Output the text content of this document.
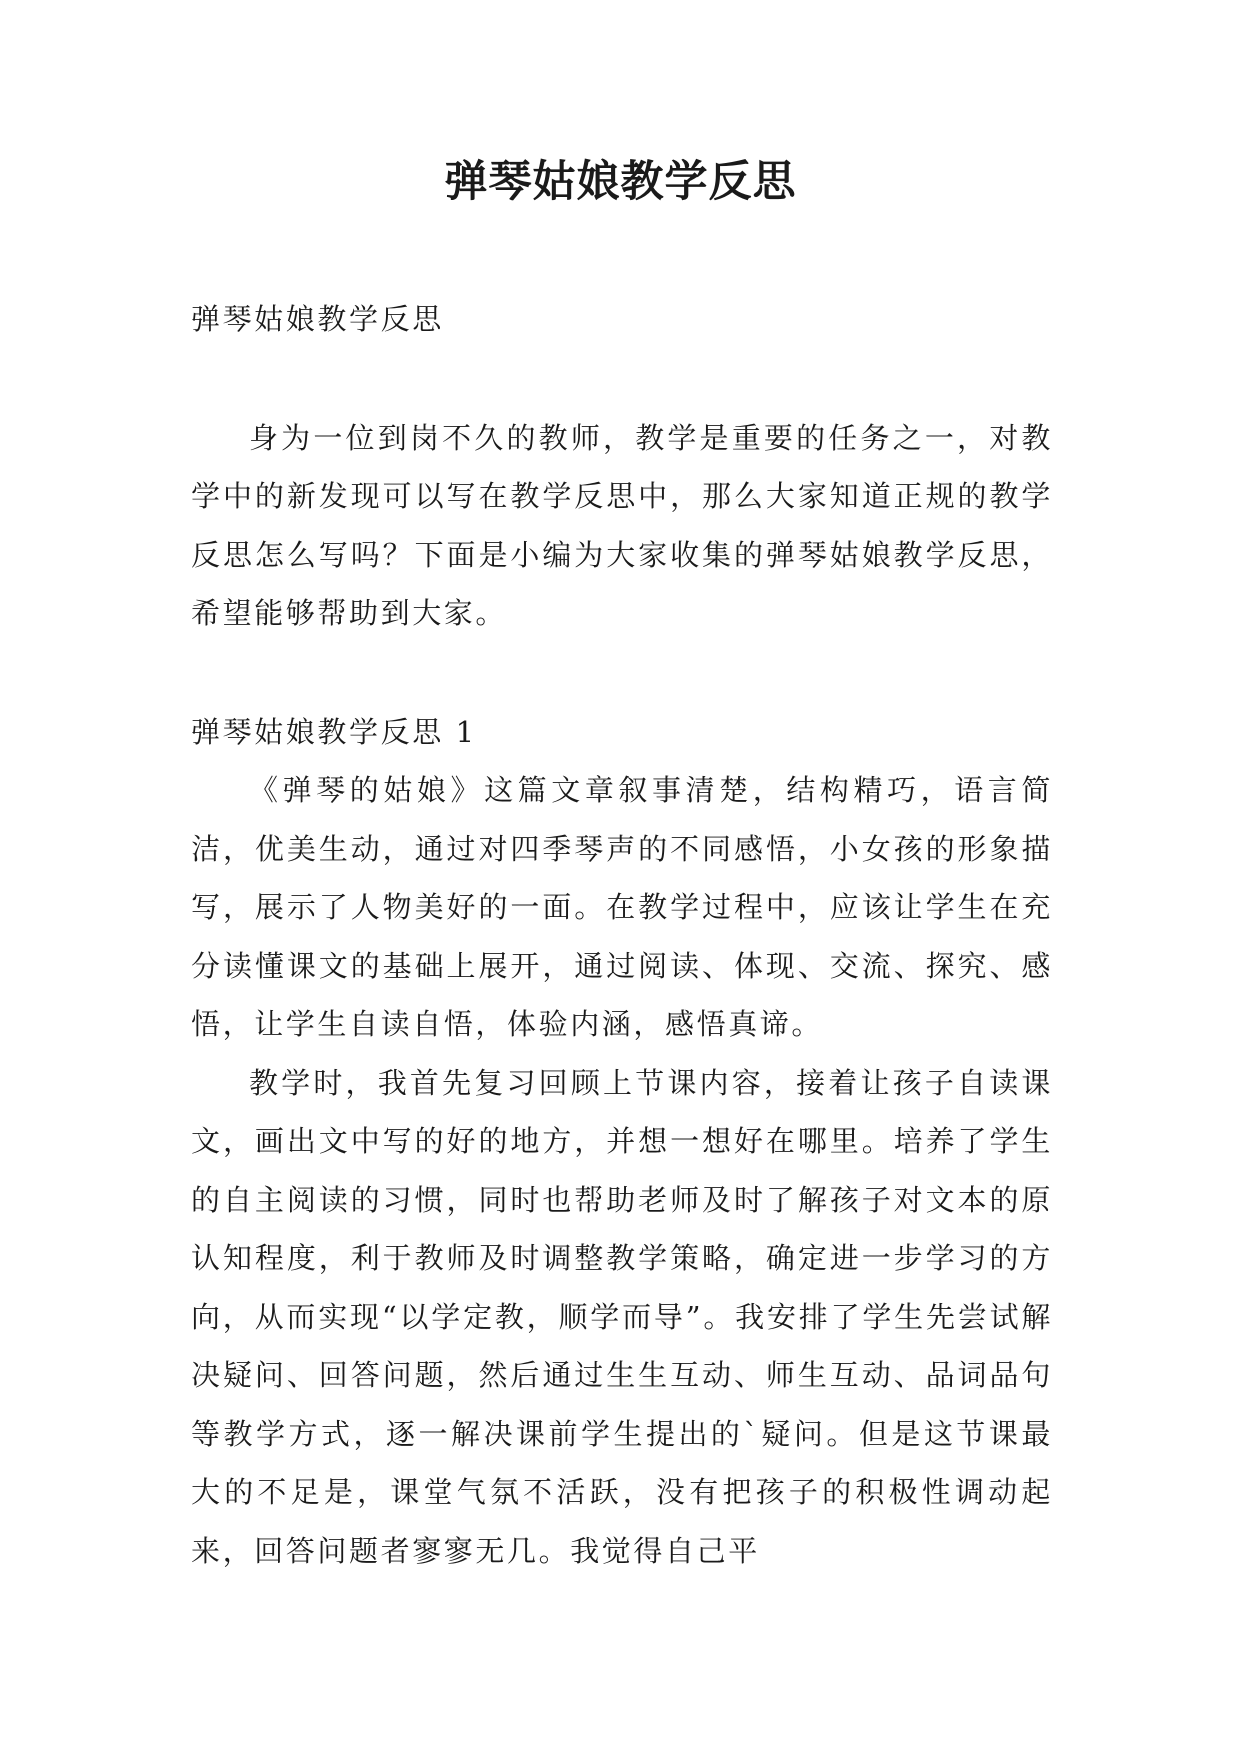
弹琴姑娘教学反思

弹琴姑娘教学反思

身为一位到岗不久的教师，教学是重要的任务之一，对教学中的新发现可以写在教学反思中，那么大家知道正规的教学反思怎么写吗？下面是小编为大家收集的弹琴姑娘教学反思，希望能够帮助到大家。

弹琴姑娘教学反思 1

《弹琴的姑娘》这篇文章叙事清楚，结构精巧，语言简洁，优美生动，通过对四季琴声的不同感悟，小女孩的形象描写，展示了人物美好的一面。在教学过程中，应该让学生在充分读懂课文的基础上展开，通过阅读、体现、交流、探究、感悟，让学生自读自悟，体验内涵，感悟真谛。

教学时，我首先复习回顾上节课内容，接着让孩子自读课文，画出文中写的好的地方，并想一想好在哪里。培养了学生的自主阅读的习惯，同时也帮助老师及时了解孩子对文本的原认知程度，利于教师及时调整教学策略，确定进一步学习的方向，从而实现“以学定教，顺学而导”。我安排了学生先尝试解决疑问、回答问题，然后通过生生互动、师生互动、品词品句等教学方式，逐一解决课前学生提出的`疑问。但是这节课最大的不足是，课堂气氛不活跃，没有把孩子的积极性调动起来，回答问题者寥寥无几。我觉得自己平
